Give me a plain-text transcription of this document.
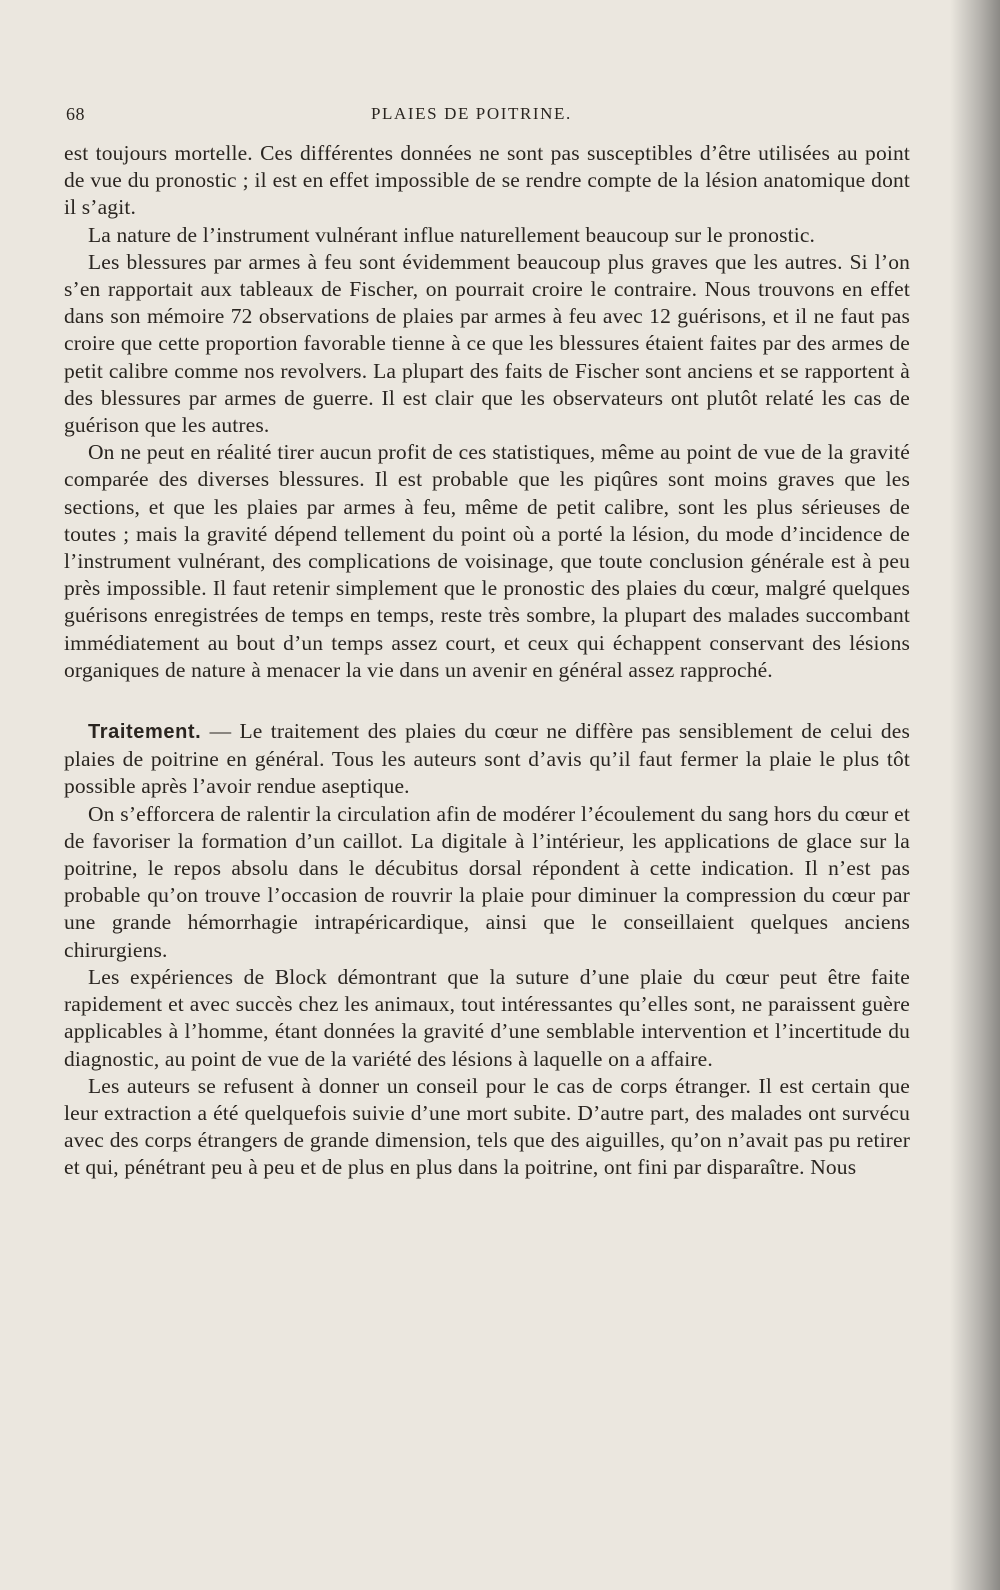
68	PLAIES DE POITRINE.

est toujours mortelle. Ces différentes données ne sont pas susceptibles d’être utilisées au point de vue du pronostic ; il est en effet impossible de se rendre compte de la lésion anatomique dont il s’agit.

La nature de l’instrument vulnérant influe naturellement beaucoup sur le pronostic.

Les blessures par armes à feu sont évidemment beaucoup plus graves que les autres. Si l’on s’en rapportait aux tableaux de Fischer, on pourrait croire le contraire. Nous trouvons en effet dans son mémoire 72 observations de plaies par armes à feu avec 12 guérisons, et il ne faut pas croire que cette proportion favorable tienne à ce que les blessures étaient faites par des armes de petit calibre comme nos revolvers. La plupart des faits de Fischer sont anciens et se rapportent à des blessures par armes de guerre. Il est clair que les observateurs ont plutôt relaté les cas de guérison que les autres.

On ne peut en réalité tirer aucun profit de ces statistiques, même au point de vue de la gravité comparée des diverses blessures. Il est probable que les piqûres sont moins graves que les sections, et que les plaies par armes à feu, même de petit calibre, sont les plus sérieuses de toutes ; mais la gravité dépend tellement du point où a porté la lésion, du mode d’incidence de l’instrument vulnérant, des complications de voisinage, que toute conclusion générale est à peu près impossible. Il faut retenir simplement que le pronostic des plaies du cœur, malgré quelques guérisons enregistrées de temps en temps, reste très sombre, la plupart des malades succombant immédiatement au bout d’un temps assez court, et ceux qui échappent conservant des lésions organiques de nature à menacer la vie dans un avenir en général assez rapproché.

Traitement. — Le traitement des plaies du cœur ne diffère pas sensiblement de celui des plaies de poitrine en général. Tous les auteurs sont d’avis qu’il faut fermer la plaie le plus tôt possible après l’avoir rendue aseptique.

On s’efforcera de ralentir la circulation afin de modérer l’écoulement du sang hors du cœur et de favoriser la formation d’un caillot. La digitale à l’intérieur, les applications de glace sur la poitrine, le repos absolu dans le décubitus dorsal répondent à cette indication. Il n’est pas probable qu’on trouve l’occasion de rouvrir la plaie pour diminuer la compression du cœur par une grande hémorrhagie intrapéricardique, ainsi que le conseillaient quelques anciens chirurgiens.

Les expériences de Block démontrant que la suture d’une plaie du cœur peut être faite rapidement et avec succès chez les animaux, tout intéressantes qu’elles sont, ne paraissent guère applicables à l’homme, étant données la gravité d’une semblable intervention et l’incertitude du diagnostic, au point de vue de la variété des lésions à laquelle on a affaire.

Les auteurs se refusent à donner un conseil pour le cas de corps étranger. Il est certain que leur extraction a été quelquefois suivie d’une mort subite. D’autre part, des malades ont survécu avec des corps étrangers de grande dimension, tels que des aiguilles, qu’on n’avait pas pu retirer et qui, pénétrant peu à peu et de plus en plus dans la poitrine, ont fini par disparaître. Nous
